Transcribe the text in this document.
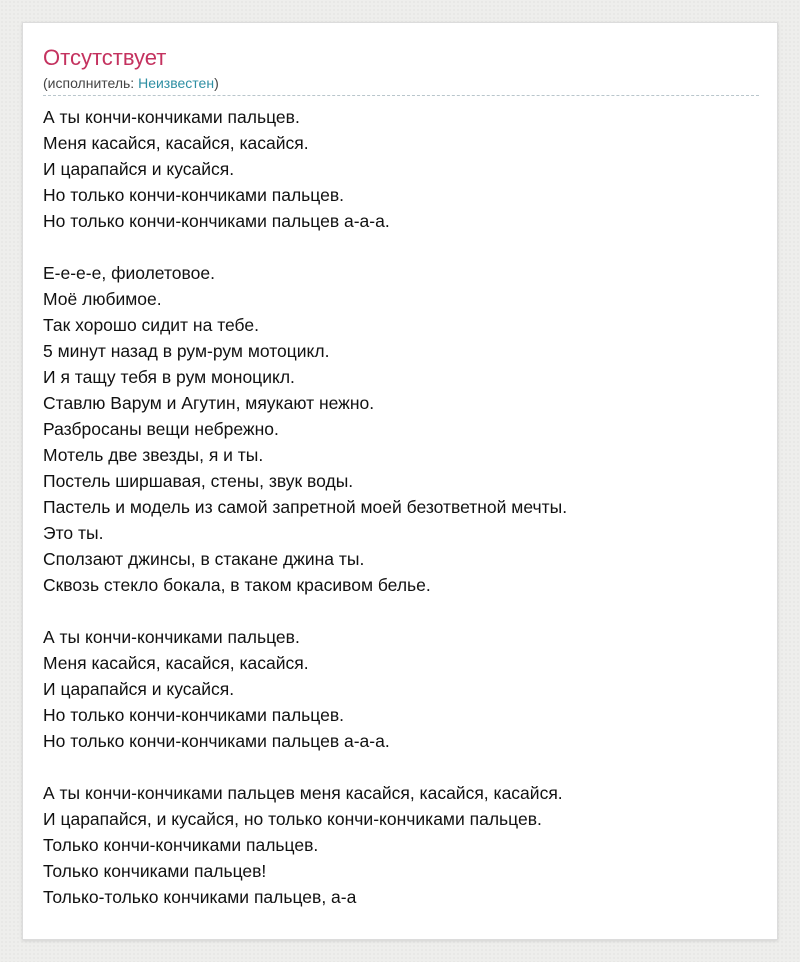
Отсутствует
(исполнитель: Неизвестен)
А ты кончи-кончиками пальцев.
Меня касайся, касайся, касайся.
И царапайся и кусайся.
Но только кончи-кончиками пальцев.
Но только кончи-кончиками пальцев а-а-а.
Е-е-е-е, фиолетовое.
Моё любимое.
Так хорошо сидит на тебе.
5 минут назад в рум-рум мотоцикл.
И я тащу тебя в рум моноцикл.
Ставлю Варум и Агутин, мяукают нежно.
Разбросаны вещи небрежно.
Мотель две звезды, я и ты.
Постель ширшавая, стены, звук воды.
Пастель и модель из самой запретной моей безответной мечты.
Это ты.
Сползают джинсы, в стакане джина ты.
Сквозь стекло бокала, в таком красивом белье.
А ты кончи-кончиками пальцев.
Меня касайся, касайся, касайся.
И царапайся и кусайся.
Но только кончи-кончиками пальцев.
Но только кончи-кончиками пальцев а-а-а.
А ты кончи-кончиками пальцев меня касайся, касайся, касайся.
И царапайся, и кусайся, но только кончи-кончиками пальцев.
Только кончи-кончиками пальцев.
Только кончиками пальцев!
Только-только кончиками пальцев, а-а
